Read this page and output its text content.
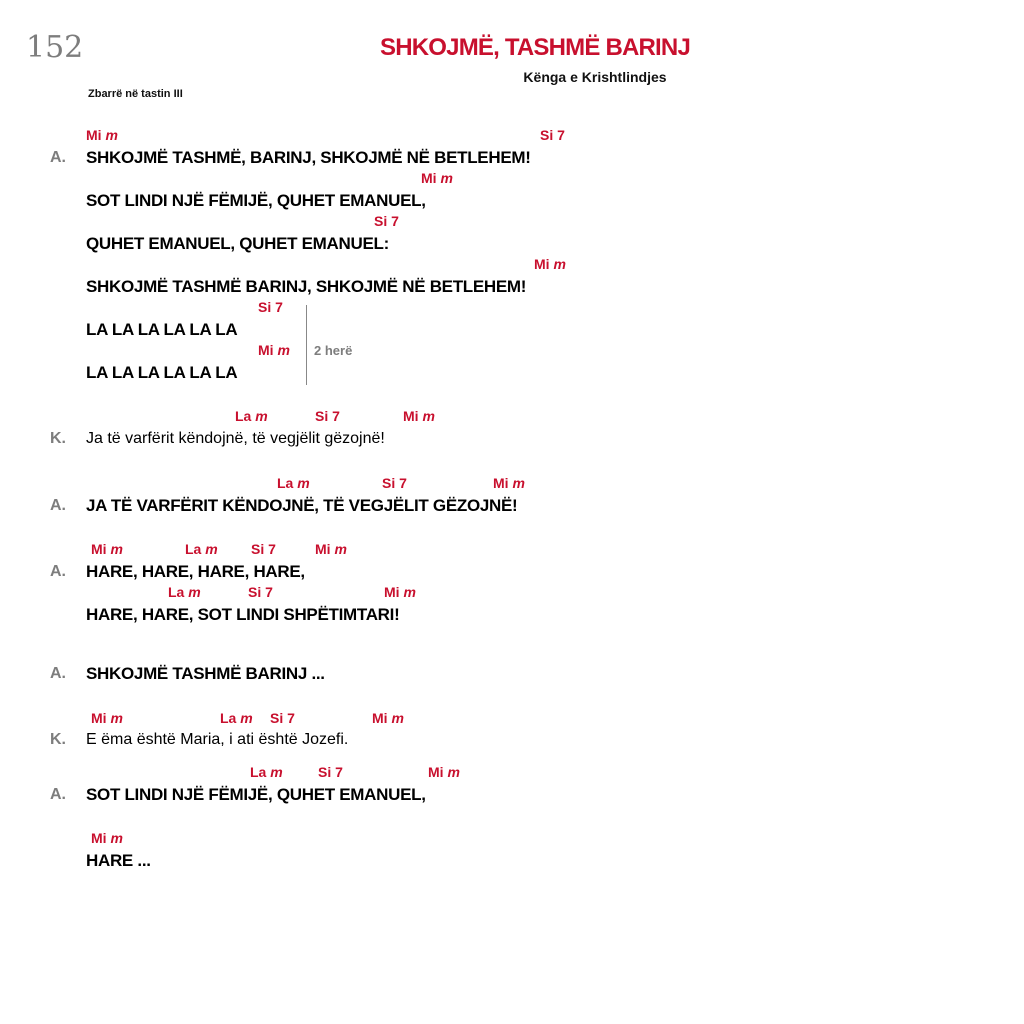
152	SHKOJMË, TASHMË BARINJ
Kënga e Krishtlindjes
Zbarrë në tastin III
Mi m	Si 7
A. SHKOJMË TASHMË, BARINJ, SHKOJMË NË BETLEHEM!
Mi m
SOT LINDI NJË FËMIJË, QUHET EMANUEL,
Si 7
QUHET EMANUEL, QUHET EMANUEL:
Mi m
SHKOJMË TASHMË BARINJ, SHKOJMË NË BETLEHEM!
Si 7
LA LA LA LA LA LA
Mi m
LA LA LA LA LA LA
2 herë
La m	Si 7	Mi m
K. Ja të varfërit këndojnë, të vegjëlit gëzojnë!
La m	Si 7	Mi m
A. JA TË VARFËRIT KËNDOJNË, TË VEGJËLIT GËZOJNË!
Mi m	La m Si 7	Mi m
A. HARE, HARE, HARE, HARE,
La m	Si 7	Mi m
HARE, HARE, SOT LINDI SHPËTIMTARI!
A. SHKOJMË TASHMË BARINJ ...
Mi m	La m Si 7	Mi m
K. E ëma është Maria, i ati është Jozefi.
La m	Si 7	Mi m
A. SOT LINDI NJË FËMIJË, QUHET EMANUEL,
Mi m
HARE ...
